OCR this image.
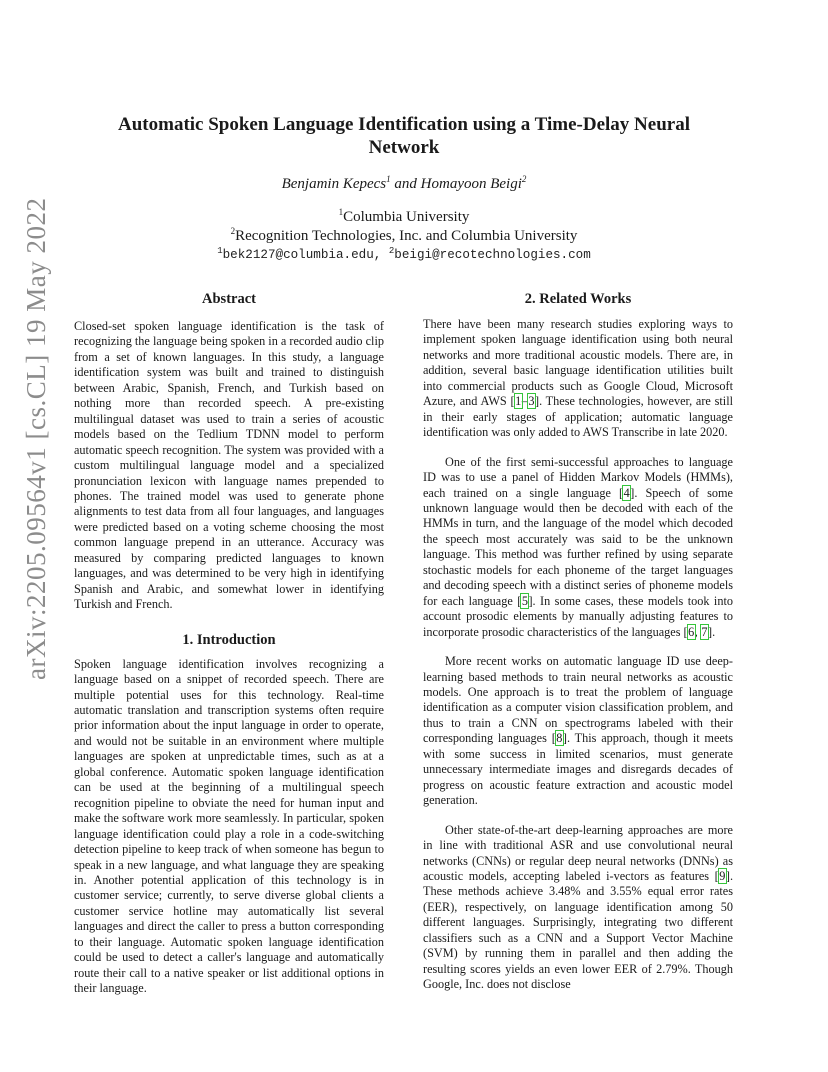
arXiv:2205.09564v1 [cs.CL] 19 May 2022
Automatic Spoken Language Identification using a Time-Delay Neural Network
Benjamin Kepecs$^1$ and Homayoon Beigi$^2$
$^1$Columbia University
$^2$Recognition Technologies, Inc. and Columbia University
$^1$bek2127@columbia.edu, $^2$beigi@recotechnologies.com
Abstract

Closed-set spoken language identification is the task of recognizing the language being spoken in a recorded audio clip from a set of known languages. In this study, a language identification system was built and trained to distinguish between Arabic, Spanish, French, and Turkish based on nothing more than recorded speech. A pre-existing multilingual dataset was used to train a series of acoustic models based on the Tedlium TDNN model to perform automatic speech recognition. The system was provided with a custom multilingual language model and a specialized pronunciation lexicon with language names prepended to phones. The trained model was used to generate phone alignments to test data from all four languages, and languages were predicted based on a voting scheme choosing the most common language prepend in an utterance. Accuracy was measured by comparing predicted languages to known languages, and was determined to be very high in identifying Spanish and Arabic, and somewhat lower in identifying Turkish and French.

1. Introduction

Spoken language identification involves recognizing a language based on a snippet of recorded speech. There are multiple potential uses for this technology. Real-time automatic translation and transcription systems often require prior information about the input language in order to operate, and would not be suitable in an environment where multiple languages are spoken at unpredictable times, such as at a global conference. Automatic spoken language identification can be used at the beginning of a multilingual speech recognition pipeline to obviate the need for human input and make the software work more seamlessly. In particular, spoken language identification could play a role in a code-switching detection pipeline to keep track of when someone has begun to speak in a new language, and what language they are speaking in. Another potential application of this technology is in customer service; currently, to serve diverse global clients a customer service hotline may automatically list several languages and direct the caller to press a button corresponding to their language. Automatic spoken language identification could be used to detect a caller's language and automatically route their call to a native speaker or list additional options in their language.

2. Related Works

There have been many research studies exploring ways to implement spoken language identification using both neural networks and more traditional acoustic models. There are, in addition, several basic language identification utilities built into commercial products such as Google Cloud, Microsoft Azure, and AWS [1–3]. These technologies, however, are still in their early stages of application; automatic language identification was only added to AWS Transcribe in late 2020.

One of the first semi-successful approaches to language ID was to use a panel of Hidden Markov Models (HMMs), each trained on a single language [4]. Speech of some unknown language would then be decoded with each of the HMMs in turn, and the language of the model which decoded the speech most accurately was said to be the unknown language. This method was further refined by using separate stochastic models for each phoneme of the target languages and decoding speech with a distinct series of phoneme models for each language [5]. In some cases, these models took into account prosodic elements by manually adjusting features to incorporate prosodic characteristics of the languages [6, 7].

More recent works on automatic language ID use deep-learning based methods to train neural networks as acoustic models. One approach is to treat the problem of language identification as a computer vision classification problem, and thus to train a CNN on spectrograms labeled with their corresponding languages [8]. This approach, though it meets with some success in limited scenarios, must generate unnecessary intermediate images and disregards decades of progress on acoustic feature extraction and acoustic model generation.

Other state-of-the-art deep-learning approaches are more in line with traditional ASR and use convolutional neural networks (CNNs) or regular deep neural networks (DNNs) as acoustic models, accepting labeled i-vectors as features [9]. These methods achieve 3.48% and 3.55% equal error rates (EER), respectively, on language identification among 50 different languages. Surprisingly, integrating two different classifiers such as a CNN and a Support Vector Machine (SVM) by running them in parallel and then adding the resulting scores yields an even lower EER of 2.79%. Though Google, Inc. does not disclose
